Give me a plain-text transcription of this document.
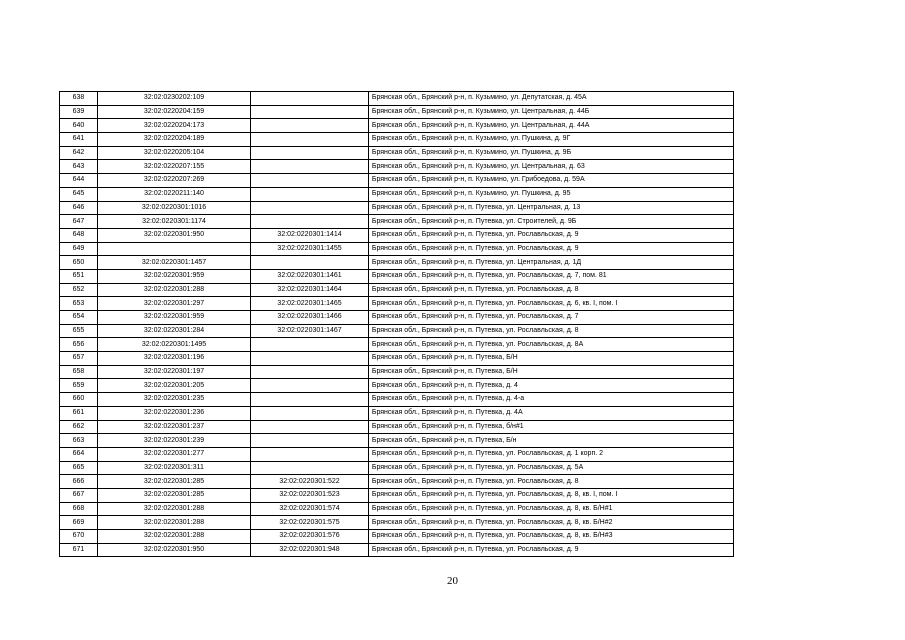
638	32:02:0230202:109		Брянская обл., Брянский р-н, п. Кузьмино, ул. Депутатская, д. 45А
639	32:02:0220204:159		Брянская обл., Брянский р-н, п. Кузьмино, ул. Центральная, д. 44Б
640	32:02:0220204:173		Брянская обл., Брянский р-н, п. Кузьмино, ул. Центральная, д. 44А
641	32:02:0220204:189		Брянская обл., Брянский р-н, п. Кузьмино, ул. Пушкина, д. 9Г
642	32:02:0220205:104		Брянская обл., Брянский р-н, п. Кузьмино, ул. Пушкина, д. 9Б
643	32:02:0220207:155		Брянская обл., Брянский р-н, п. Кузьмино, ул. Центральная, д. 63
644	32:02:0220207:269		Брянская обл., Брянский р-н, п. Кузьмино, ул. Грибоедова, д. 59А
645	32:02:0220211:140		Брянская обл., Брянский р-н, п. Кузьмино, ул. Пушкина, д. 95
646	32:02:0220301:1016		Брянская обл., Брянский р-н, п. Путевка, ул. Центральная, д. 13
647	32:02:0220301:1174		Брянская обл., Брянский р-н, п. Путевка, ул. Строителей, д. 9Б
648	32:02:0220301:950	32:02:0220301:1414	Брянская обл., Брянский р-н, п. Путевка, ул. Рославльская, д. 9
649		32:02:0220301:1455	Брянская обл., Брянский р-н, п. Путевка, ул. Рославльская, д. 9
650	32:02:0220301:1457		Брянская обл., Брянский р-н, п. Путевка, ул. Центральная, д. 1Д
651	32:02:0220301:959	32:02:0220301:1461	Брянская обл., Брянский р-н, п. Путевка, ул. Рославльская, д. 7, пом. 81
652	32:02:0220301:288	32:02:0220301:1464	Брянская обл., Брянский р-н, п. Путевка, ул. Рославльская, д. 8
653	32:02:0220301:297	32:02:0220301:1465	Брянская обл., Брянский р-н, п. Путевка, ул. Рославльская, д. 6, кв. I, пом. I
654	32:02:0220301:959	32:02:0220301:1466	Брянская обл., Брянский р-н, п. Путевка, ул. Рославльская, д. 7
655	32:02:0220301:284	32:02:0220301:1467	Брянская обл., Брянский р-н, п. Путевка, ул. Рославльская, д. 8
656	32:02:0220301:1495		Брянская обл., Брянский р-н, п. Путевка, ул. Рославльская, д. 8А
657	32:02:0220301:196		Брянская обл., Брянский р-н, п. Путевка, Б/Н
658	32:02:0220301:197		Брянская обл., Брянский р-н, п. Путевка, Б/Н
659	32:02:0220301:205		Брянская обл., Брянский р-н, п. Путевка, д. 4
660	32:02:0220301:235		Брянская обл., Брянский р-н, п. Путевка, д. 4-а
661	32:02:0220301:236		Брянская обл., Брянский р-н, п. Путевка, д. 4А
662	32:02:0220301:237		Брянская обл., Брянский р-н, п. Путевка, б/н#1
663	32:02:0220301:239		Брянская обл., Брянский р-н, п. Путевка, Б/н
664	32:02:0220301:277		Брянская обл., Брянский р-н, п. Путевка, ул. Рославльская, д. 1 корп. 2
665	32:02:0220301:311		Брянская обл., Брянский р-н, п. Путевка, ул. Рославльская, д. 5А
666	32:02:0220301:285	32:02:0220301:522	Брянская обл., Брянский р-н, п. Путевка, ул. Рославльская, д. 8
667	32:02:0220301:285	32:02:0220301:523	Брянская обл., Брянский р-н, п. Путевка, ул. Рославльская, д. 8, кв. I, пом. I
668	32:02:0220301:288	32:02:0220301:574	Брянская обл., Брянский р-н, п. Путевка, ул. Рославльская, д. 8, кв. Б/Н#1
669	32:02:0220301:288	32:02:0220301:575	Брянская обл., Брянский р-н, п. Путевка, ул. Рославльская, д. 8, кв. Б/Н#2
670	32:02:0220301:288	32:02:0220301:576	Брянская обл., Брянский р-н, п. Путевка, ул. Рославльская, д. 8, кв. Б/Н#3
671	32:02:0220301:950	32:02:0220301:948	Брянская обл., Брянский р-н, п. Путевка, ул. Рославльская, д. 9
20
